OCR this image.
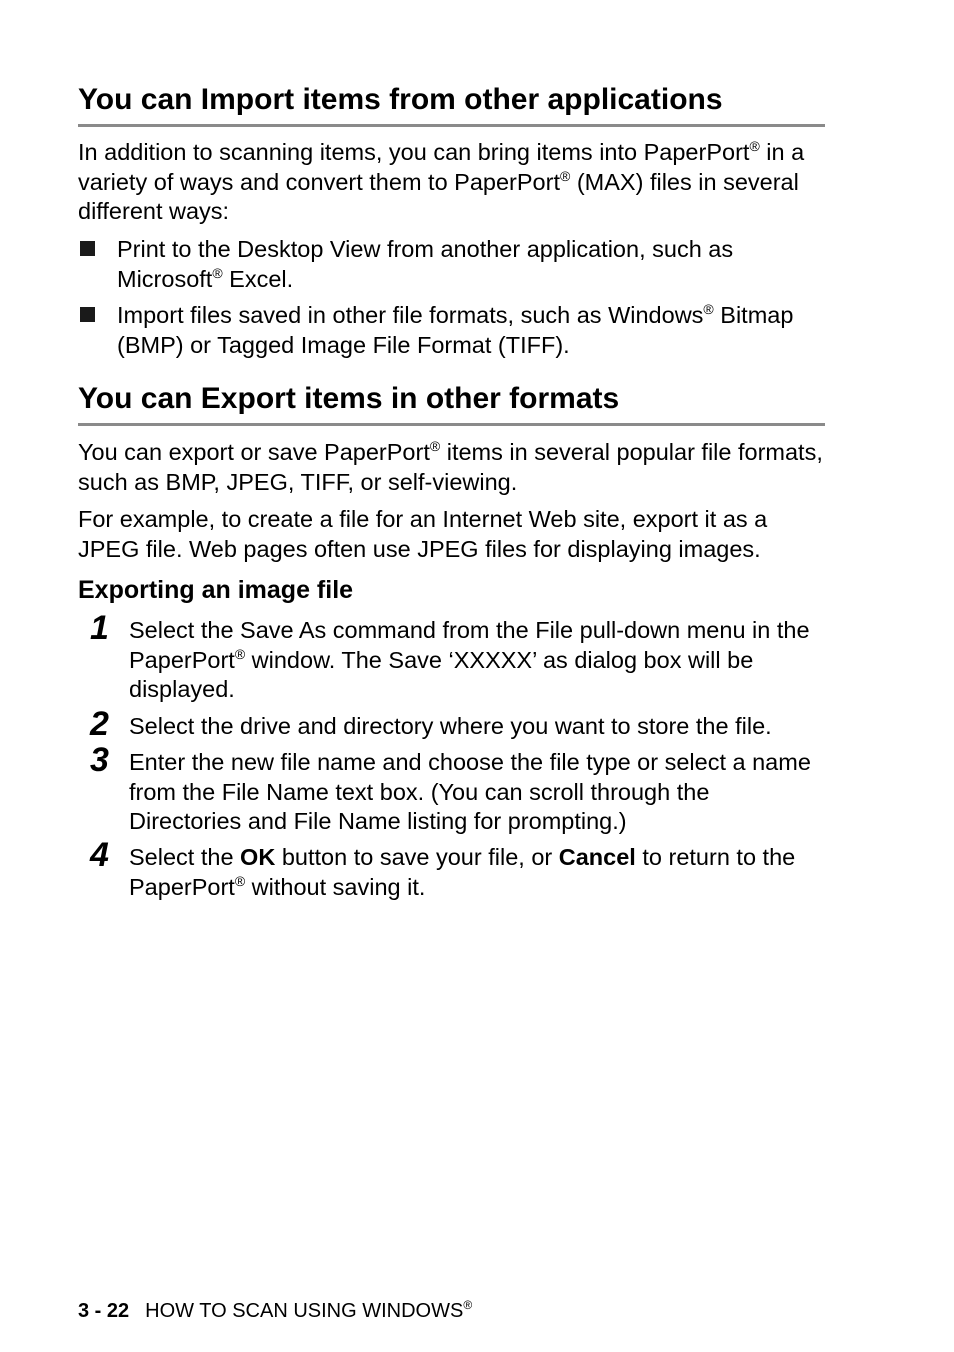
You can Import items from other applications

In addition to scanning items, you can bring items into PaperPort® in a variety of ways and convert them to PaperPort® (MAX) files in several different ways:

Print to the Desktop View from another application, such as Microsoft® Excel.
Import files saved in other file formats, such as Windows® Bitmap (BMP) or Tagged Image File Format (TIFF).
You can Export items in other formats

You can export or save PaperPort® items in several popular file formats, such as BMP, JPEG, TIFF, or self-viewing.

For example, to create a file for an Internet Web site, export it as a JPEG file. Web pages often use JPEG files for displaying images.

Exporting an image file
1 Select the Save As command from the File pull-down menu in the PaperPort® window. The Save ‘XXXXX’ as dialog box will be displayed.
2 Select the drive and directory where you want to store the file.
3 Enter the new file name and choose the file type or select a name from the File Name text box. (You can scroll through the Directories and File Name listing for prompting.)
4 Select the OK button to save your file, or Cancel to return to the PaperPort® without saving it.
3 - 22 HOW TO SCAN USING WINDOWS®
